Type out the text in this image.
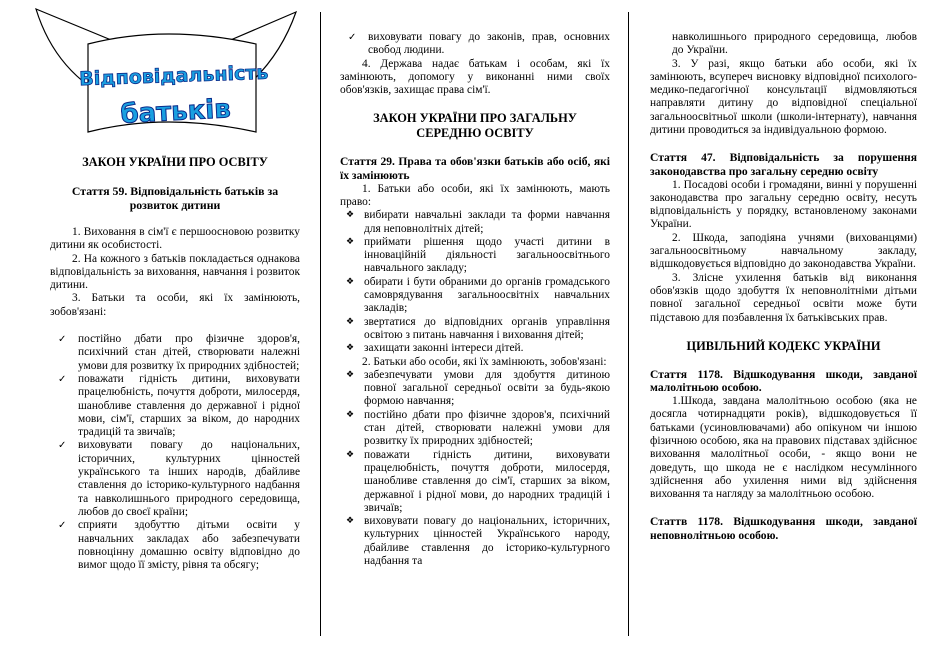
Відповідальність
батьків

ЗАКОН УКРАЇНИ ПРО ОСВІТУ

Стаття 59. Відповідальність батьків за розвиток дитини

1. Виховання в сім'ї є першоосновою розвитку дитини як особистості.

2. На кожного з батьків покладається однакова відповідальність за виховання, навчання і розвиток дитини.

3. Батьки та особи, які їх замінюють, зобов'язані:

✓ постійно дбати про фізичне здоров'я, психічний стан дітей, створювати належні умови для розвитку їх природних здібностей;
✓ поважати гідність дитини, виховувати працелюбність, почуття доброти, милосердя, шанобливе ставлення до державної і рідної мови, сім'ї, старших за віком, до народних традицій та звичаїв;
✓ виховувати повагу до національних, історичних, культурних цінностей українського та інших народів, дбайливе ставлення до історико-культурного надбання та навколишнього природного середовища, любов до своєї країни;
✓ сприяти здобуттю дітьми освіти у навчальних закладах або забезпечувати повноцінну домашню освіту відповідно до вимог щодо її змісту, рівня та обсягу;
✓ виховувати повагу до законів, прав, основних свобод людини.

4. Держава надає батькам і особам, які їх замінюють, допомогу у виконанні ними своїх обов'язків, захищає права сім'ї.

ЗАКОН УКРАЇНИ ПРО ЗАГАЛЬНУ СЕРЕДНЮ ОСВІТУ

Стаття 29. Права та обов'язки батьків або осіб, які їх замінюють

1. Батьки або особи, які їх замінюють, мають право:

❖ вибирати навчальні заклади та форми навчання для неповнолітніх дітей;
❖ приймати рішення щодо участі дитини в інноваційній діяльності загальноосвітнього навчального закладу;
❖ обирати і бути обраними до органів громадського самоврядування загальноосвітніх навчальних закладів;
❖ звертатися до відповідних органів управління освітою з питань навчання і виховання дітей;
❖ захищати законні інтереси дітей.

2. Батьки або особи, які їх замінюють, зобов'язані:

❖ забезпечувати умови для здобуття дитиною повної загальної середньої освіти за будь-якою формою навчання;
❖ постійно дбати про фізичне здоров'я, психічний стан дітей, створювати належні умови для розвитку їх природних здібностей;
❖ поважати гідність дитини, виховувати працелюбність, почуття доброти, милосердя, шанобливе ставлення до сім'ї, старших за віком, державної і рідної мови, до народних традицій і звичаїв;
❖ виховувати повагу до національних, історичних, культурних цінностей Українського народу, дбайливе ставлення до історико-культурного надбання та

навколишнього природного середовища, любов до України.

3. У разі, якщо батьки або особи, які їх замінюють, всупереч висновку відповідної психолого-медико-педагогічної консультації відмовляються направляти дитину до відповідної спеціальної загальноосвітньої школи (школи-інтернату), навчання дитини проводиться за індивідуальною формою.

Стаття 47. Відповідальність за порушення законодавства про загальну середню освіту

1. Посадові особи і громадяни, винні у порушенні законодавства про загальну середню освіту, несуть відповідальність у порядку, встановленому законами України.

2. Шкода, заподіяна учнями (вихованцями) загальноосвітньому навчальному закладу, відшкодовується відповідно до законодавства України.

3. Злісне ухилення батьків від виконання обов'язків щодо здобуття їх неповнолітніми дітьми повної загальної середньої освіти може бути підставою для позбавлення їх батьківських прав.

ЦИВІЛЬНИЙ КОДЕКС УКРАЇНИ

Стаття 1178. Відшкодування шкоди, завданої малолітньою особою.

1.Шкода, завдана малолітньою особою (яка не досягла чотирнадцяти років), відшкодовується її батьками (усиновлювачами) або опікуном чи іншою фізичною особою, яка на правових підставах здійснює виховання малолітньої особи, - якщо вони не доведуть, що шкода не є наслідком несумлінного здійснення або ухилення ними від здійснення виховання та нагляду за малолітньою особою.

Статтв 1178. Відшкодування шкоди, завданої неповнолітньою особою.
